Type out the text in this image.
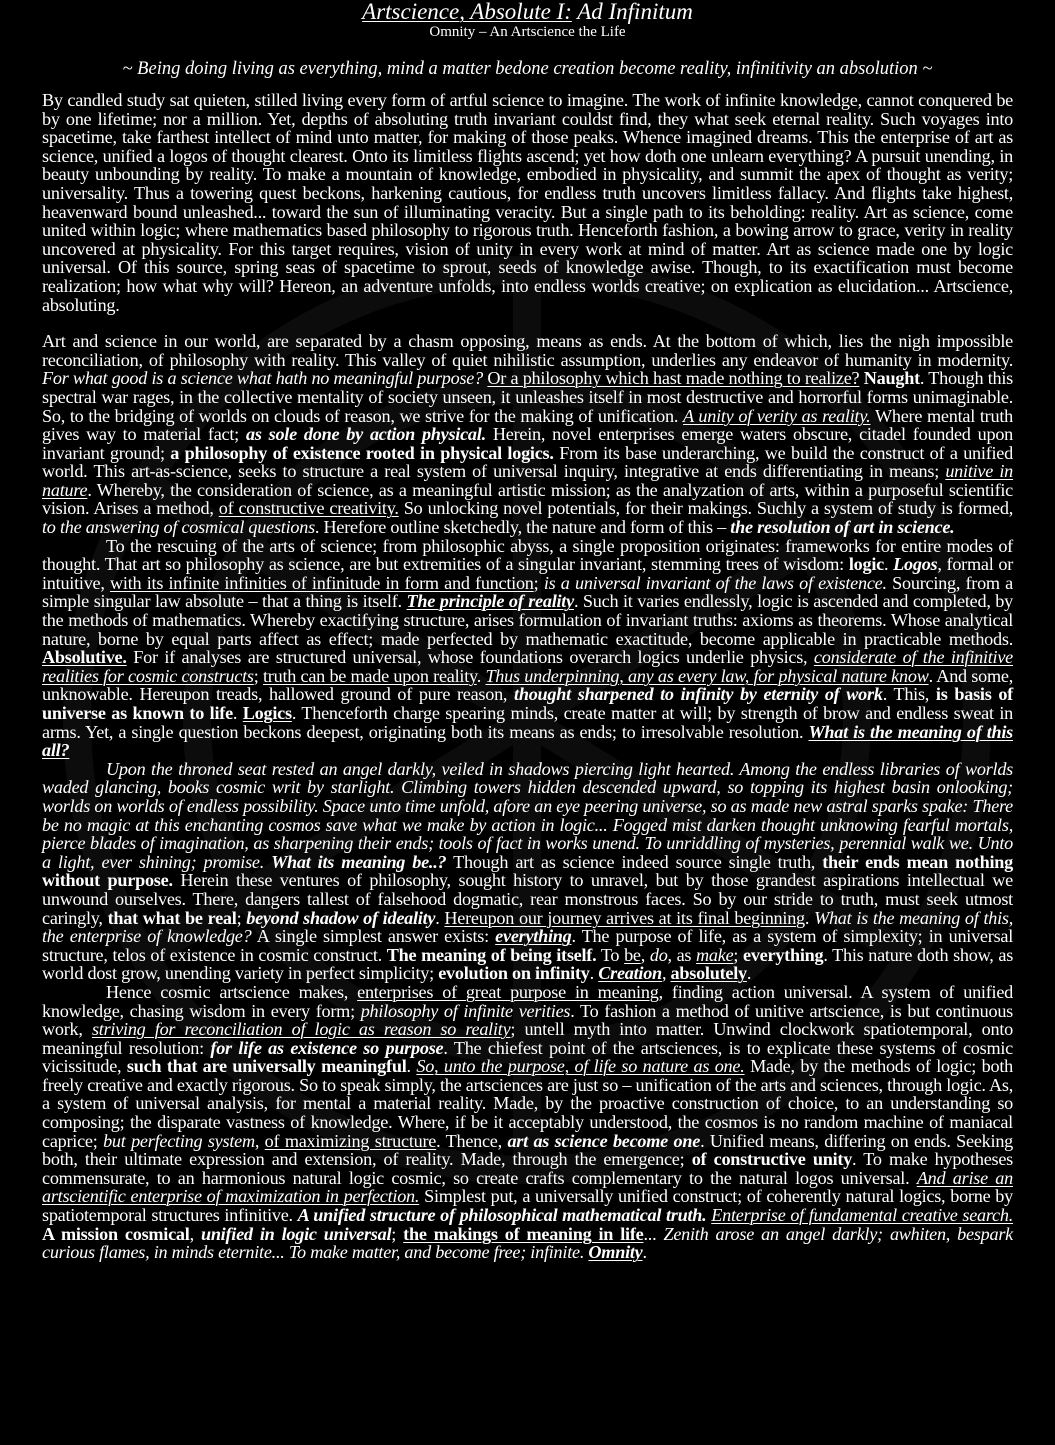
Artscience, Absolute I: Ad Infinitum
Omnity – An Artscience the Life
~ Being doing living as everything, mind a matter bedone creation become reality, infinitivity an absolution ~

By candled study sat quieten, stilled living every form of artful science to imagine. The work of infinite knowledge, cannot conquered be by one lifetime; nor a million. Yet, depths of absoluting truth invariant couldst find, they what seek eternal reality. Such voyages into spacetime, take farthest intellect of mind unto matter, for making of those peaks. Whence imagined dreams. This the enterprise of art as science, unified a logos of thought clearest. Onto its limitless flights ascend; yet how doth one unlearn everything? A pursuit unending, in beauty unbounding by reality. To make a mountain of knowledge, embodied in physicality, and summit the apex of thought as verity; universality. Thus a towering quest beckons, harkening cautious, for endless truth uncovers limitless fallacy. And flights take highest, heavenward bound unleashed... toward the sun of illuminating veracity. But a single path to its beholding: reality. Art as science, come united within logic; where mathematics based philosophy to rigorous truth. Henceforth fashion, a bowing arrow to grace, verity in reality uncovered at physicality. For this target requires, vision of unity in every work at mind of matter. Art as science made one by logic universal. Of this source, spring seas of spacetime to sprout, seeds of knowledge awise. Though, to its exactification must become realization; how what why will? Hereon, an adventure unfolds, into endless worlds creative; on explication as elucidation... Artscience, absoluting.

Art and science in our world, are separated by a chasm opposing, means as ends. At the bottom of which, lies the nigh impossible reconciliation, of philosophy with reality. This valley of quiet nihilistic assumption, underlies any endeavor of humanity in modernity. For what good is a science what hath no meaningful purpose? Or a philosophy which hast made nothing to realize? Naught. Though this spectral war rages, in the collective mentality of society unseen, it unleashes itself in most destructive and horrorful forms unimaginable. So, to the bridging of worlds on clouds of reason, we strive for the making of unification. A unity of verity as reality. Where mental truth gives way to material fact; as sole done by action physical. Herein, novel enterprises emerge waters obscure, citadel founded upon invariant ground; a philosophy of existence rooted in physical logics. From its base underarching, we build the construct of a unified world. This art-as-science, seeks to structure a real system of universal inquiry, integrative at ends differentiating in means; unitive in nature. Whereby, the consideration of science, as a meaningful artistic mission; as the analyzation of arts, within a purposeful scientific vision. Arises a method, of constructive creativity. So unlocking novel potentials, for their makings. Suchly a system of study is formed, to the answering of cosmical questions. Herefore outline sketchedly, the nature and form of this – the resolution of art in science.

To the rescuing of the arts of science; from philosophic abyss, a single proposition originates: frameworks for entire modes of thought. That art so philosophy as science, are but extremities of a singular invariant, stemming trees of wisdom: logic. Logos, formal or intuitive, with its infinite infinities of infinitude in form and function; is a universal invariant of the laws of existence. Sourcing, from a simple singular law absolute – that a thing is itself. The principle of reality. Such it varies endlessly, logic is ascended and completed, by the methods of mathematics. Whereby exactifying structure, arises formulation of invariant truths: axioms as theorems. Whose analytical nature, borne by equal parts affect as effect; made perfected by mathematic exactitude, become applicable in practicable methods. Absolutive. For if analyses are structured universal, whose foundations overarch logics underlie physics, considerate of the infinitive realities for cosmic constructs; truth can be made upon reality. Thus underpinning, any as every law, for physical nature know. And some, unknowable. Hereupon treads, hallowed ground of pure reason, thought sharpened to infinity by eternity of work. This, is basis of universe as known to life. Logics. Thenceforth charge spearing minds, create matter at will; by strength of brow and endless sweat in arms. Yet, a single question beckons deepest, originating both its means as ends; to irresolvable resolution. What is the meaning of this all?

Upon the throned seat rested an angel darkly, veiled in shadows piercing light hearted. Among the endless libraries of worlds waded glancing, books cosmic writ by starlight. Climbing towers hidden descended upward, so topping its highest basin onlooking; worlds on worlds of endless possibility. Space unto time unfold, afore an eye peering universe, so as made new astral sparks spake: There be no magic at this enchanting cosmos save what we make by action in logic... Fogged mist darken thought unknowing fearful mortals, pierce blades of imagination, as sharpening their ends; tools of fact in works unend. To unriddling of mysteries, perennial walk we. Unto a light, ever shining; promise. What its meaning be..? Though art as science indeed source single truth, their ends mean nothing without purpose. Herein these ventures of philosophy, sought history to unravel, but by those grandest aspirations intellectual we unwound ourselves. There, dangers tallest of falsehood dogmatic, rear monstrous faces. So by our stride to truth, must seek utmost caringly, that what be real; beyond shadow of ideality. Hereupon our journey arrives at its final beginning. What is the meaning of this, the enterprise of knowledge? A single simplest answer exists: everything. The purpose of life, as a system of simplexity; in universal structure, telos of existence in cosmic construct. The meaning of being itself. To be, do, as make; everything. This nature doth show, as world dost grow, unending variety in perfect simplicity; evolution on infinity. Creation, absolutely.

Hence cosmic artscience makes, enterprises of great purpose in meaning, finding action universal. A system of unified knowledge, chasing wisdom in every form; philosophy of infinite verities. To fashion a method of unitive artscience, is but continuous work, striving for reconciliation of logic as reason so reality; untell myth into matter. Unwind clockwork spatiotemporal, onto meaningful resolution: for life as existence so purpose. The chiefest point of the artsciences, is to explicate these systems of cosmic vicissitude, such that are universally meaningful. So, unto the purpose, of life so nature as one. Made, by the methods of logic; both freely creative and exactly rigorous. So to speak simply, the artsciences are just so – unification of the arts and sciences, through logic. As, a system of universal analysis, for mental a material reality. Made, by the proactive construction of choice, to an understanding so composing; the disparate vastness of knowledge. Where, if be it acceptably understood, the cosmos is no random machine of maniacal caprice; but perfecting system, of maximizing structure. Thence, art as science become one. Unified means, differing on ends. Seeking both, their ultimate expression and extension, of reality. Made, through the emergence; of constructive unity. To make hypotheses commensurate, to an harmonious natural logic cosmic, so create crafts complementary to the natural logos universal. And arise an artscientific enterprise of maximization in perfection. Simplest put, a universally unified construct; of coherently natural logics, borne by spatiotemporal structures infinitive. A unified structure of philosophical mathematical truth. Enterprise of fundamental creative search. A mission cosmical, unified in logic universal; the makings of meaning in life... Zenith arose an angel darkly; awhiten, bespark curious flames, in minds eternite... To make matter, and become free; infinite. Omnity.
